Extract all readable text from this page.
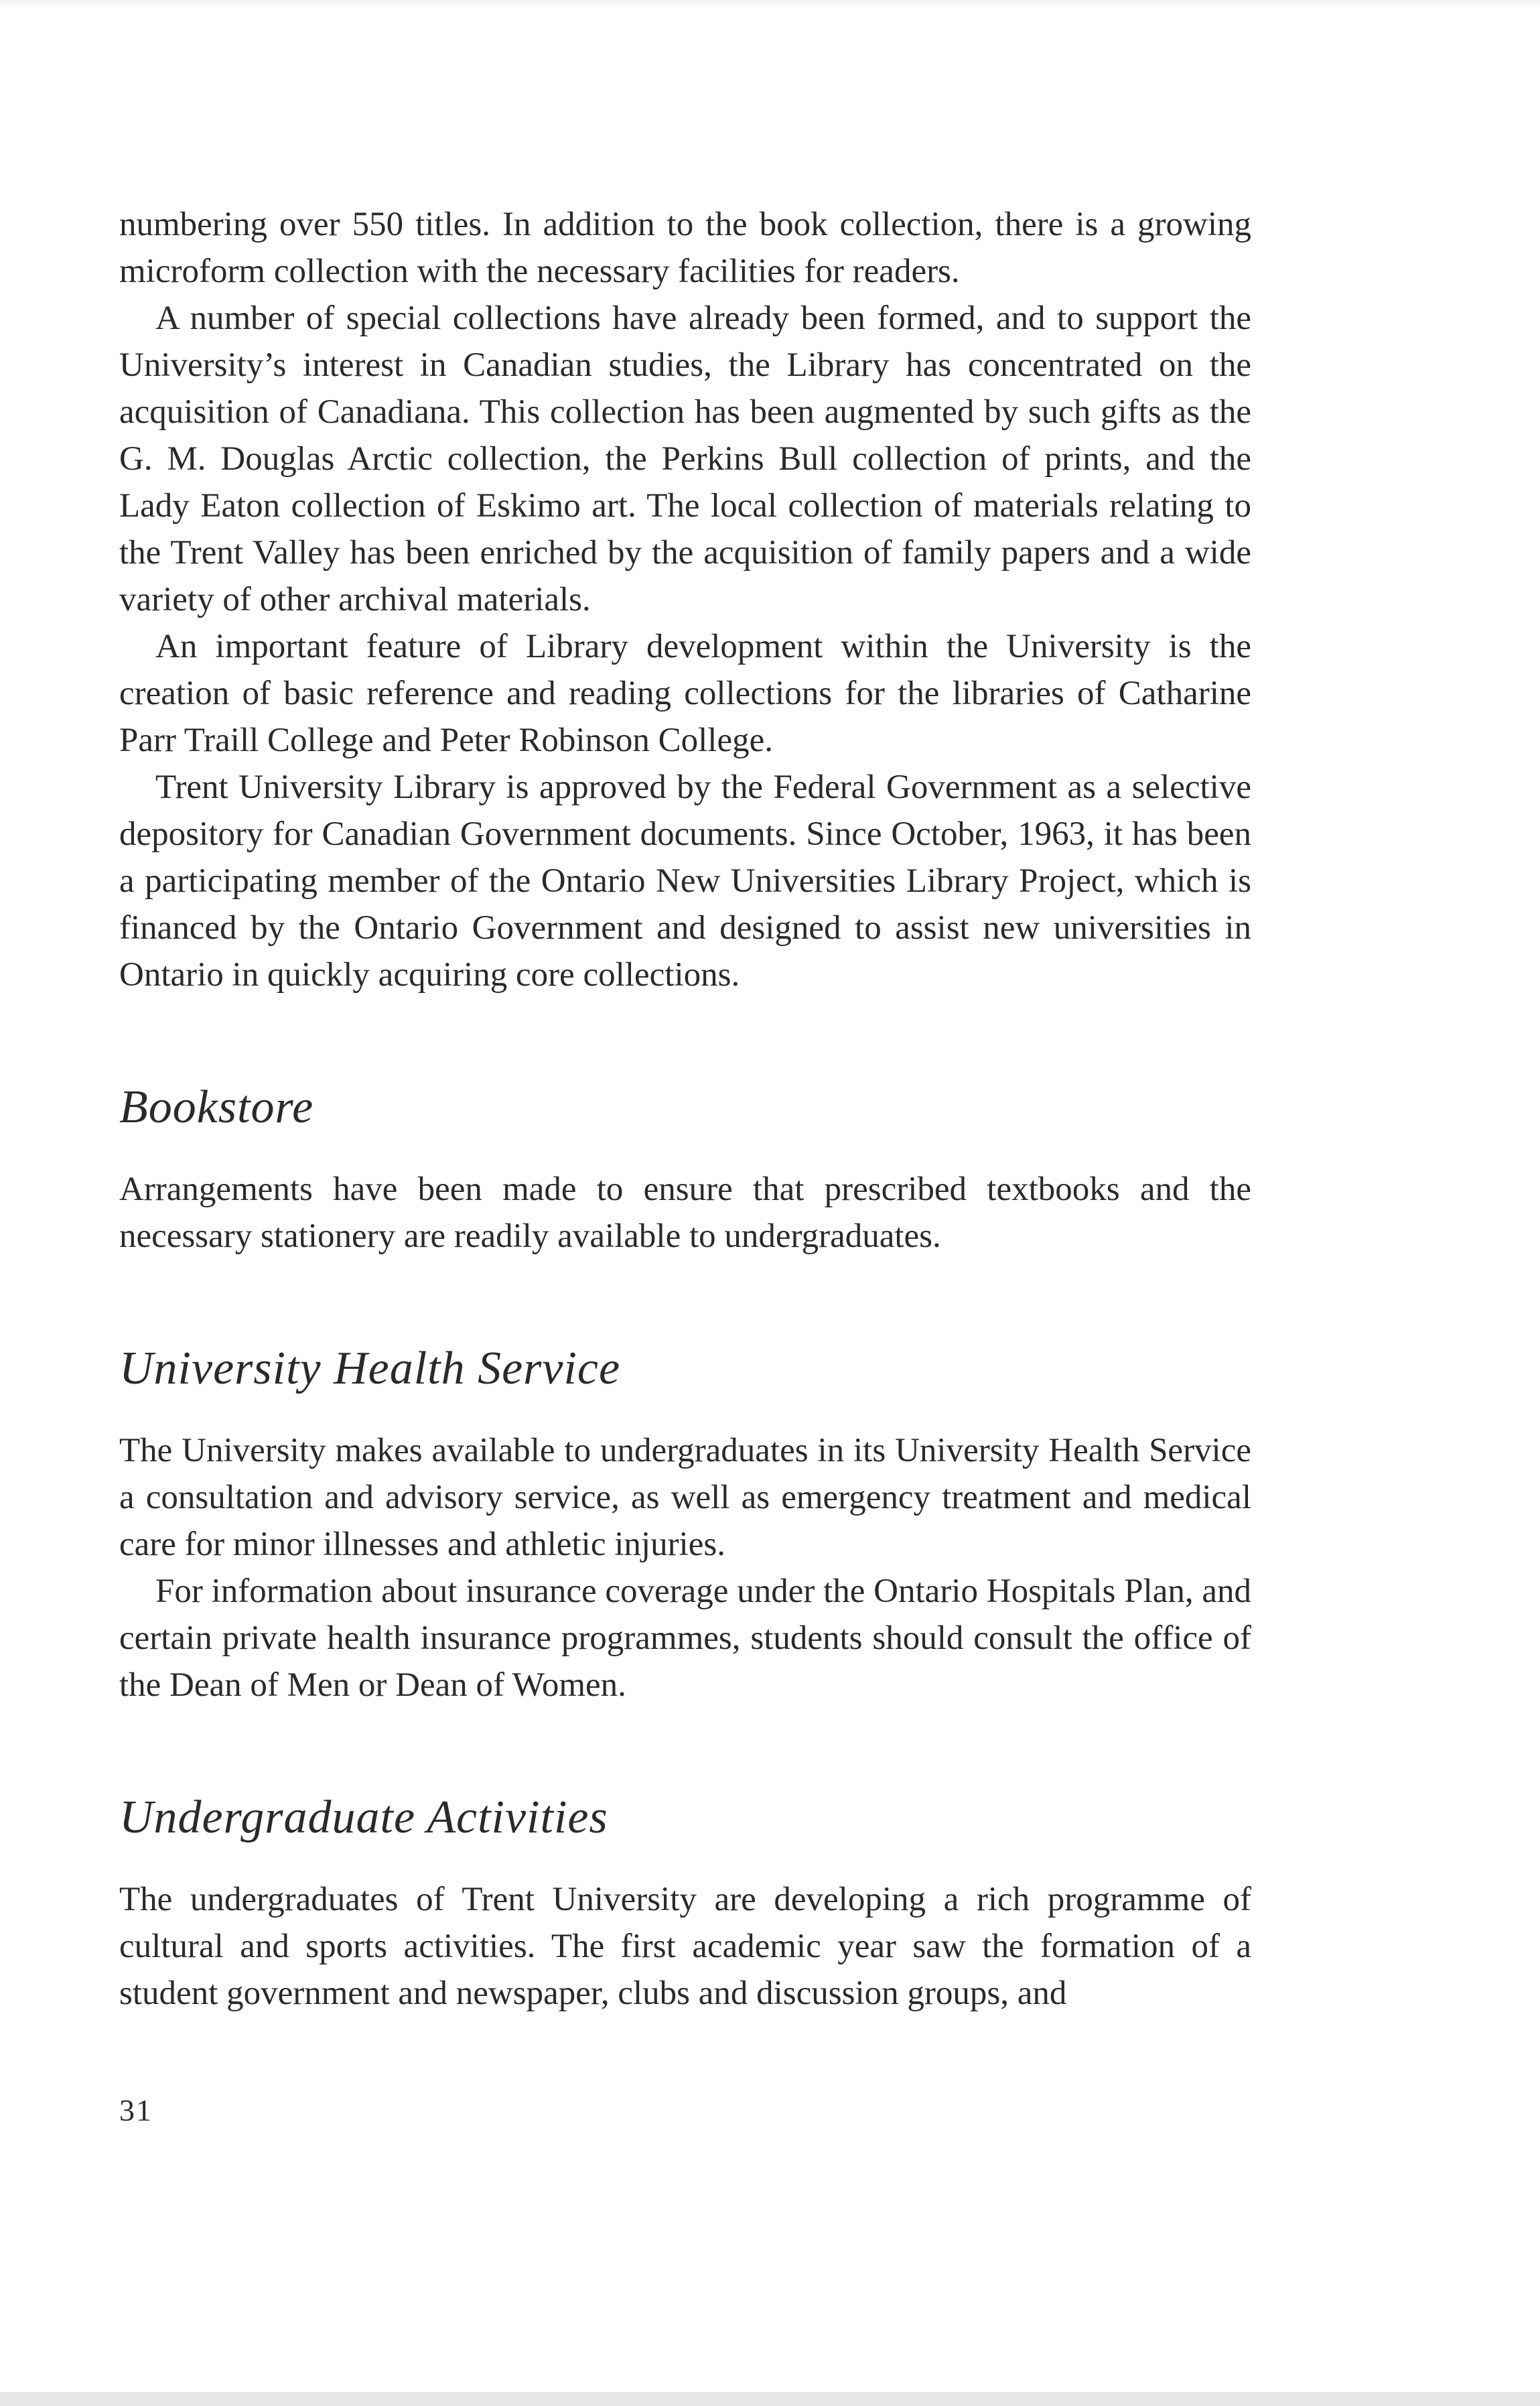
numbering over 550 titles. In addition to the book collection, there is a growing microform collection with the necessary facilities for readers.

A number of special collections have already been formed, and to support the University’s interest in Canadian studies, the Library has concentrated on the acquisition of Canadiana. This collection has been augmented by such gifts as the G. M. Douglas Arctic collection, the Perkins Bull collection of prints, and the Lady Eaton collection of Eskimo art. The local collection of materials relating to the Trent Valley has been enriched by the acquisition of family papers and a wide variety of other archival materials.

An important feature of Library development within the University is the creation of basic reference and reading collections for the libraries of Catharine Parr Traill College and Peter Robinson College.

Trent University Library is approved by the Federal Government as a selective depository for Canadian Government documents. Since October, 1963, it has been a participating member of the Ontario New Universities Library Project, which is financed by the Ontario Government and designed to assist new universities in Ontario in quickly acquiring core collections.

Bookstore

Arrangements have been made to ensure that prescribed textbooks and the necessary stationery are readily available to undergraduates.

University Health Service

The University makes available to undergraduates in its University Health Service a consultation and advisory service, as well as emergency treatment and medical care for minor illnesses and athletic injuries.

For information about insurance coverage under the Ontario Hospitals Plan, and certain private health insurance programmes, students should consult the office of the Dean of Men or Dean of Women.

Undergraduate Activities

The undergraduates of Trent University are developing a rich programme of cultural and sports activities. The first academic year saw the formation of a student government and newspaper, clubs and discussion groups, and

31
